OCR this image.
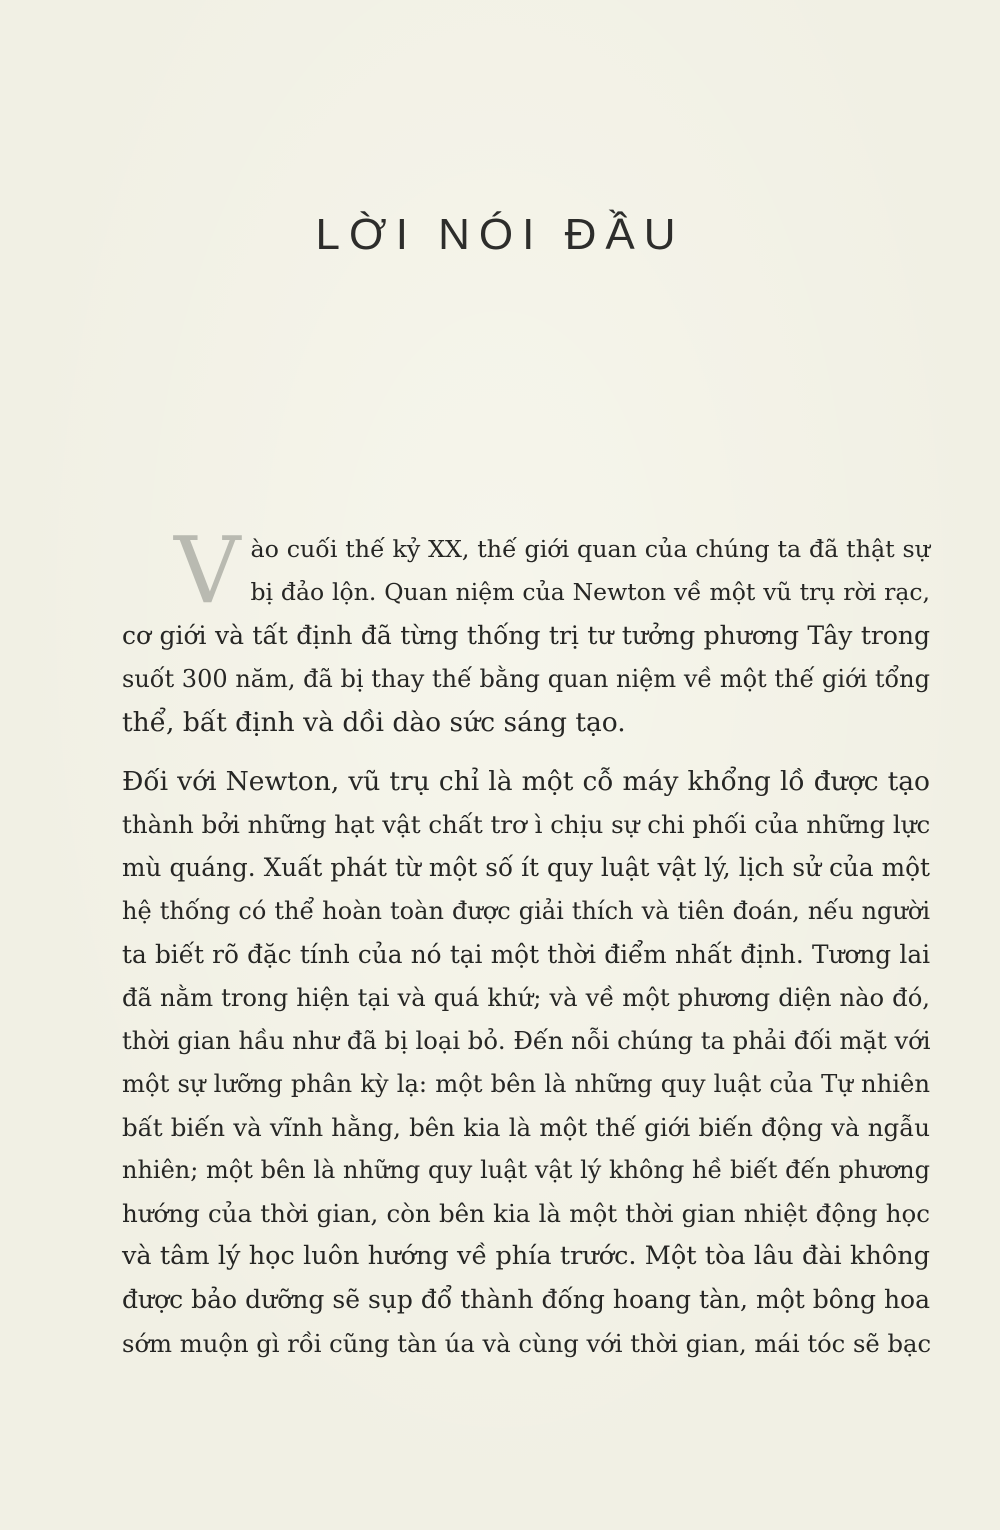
LỜI NÓI ĐẦU
V ào cuối thế kỷ XX, thế giới quan của chúng ta đã thật sự
bị đảo lộn. Quan niệm của Newton về một vũ trụ rời rạc,
cơ giới và tất định đã từng thống trị tư tưởng phương Tây trong
suốt 300 năm, đã bị thay thế bằng quan niệm về một thế giới tổng
thể, bất định và dồi dào sức sáng tạo.
Đối với Newton, vũ trụ chỉ là một cỗ máy khổng lồ được tạo
thành bởi những hạt vật chất trơ ì chịu sự chi phối của những lực
mù quáng. Xuất phát từ một số ít quy luật vật lý, lịch sử của một
hệ thống có thể hoàn toàn được giải thích và tiên đoán, nếu người
ta biết rõ đặc tính của nó tại một thời điểm nhất định. Tương lai
đã nằm trong hiện tại và quá khứ; và về một phương diện nào đó,
thời gian hầu như đã bị loại bỏ. Đến nỗi chúng ta phải đối mặt với
một sự lưỡng phân kỳ lạ: một bên là những quy luật của Tự nhiên
bất biến và vĩnh hằng, bên kia là một thế giới biến động và ngẫu
nhiên; một bên là những quy luật vật lý không hề biết đến phương
hướng của thời gian, còn bên kia là một thời gian nhiệt động học
và tâm lý học luôn hướng về phía trước. Một tòa lâu đài không
được bảo dưỡng sẽ sụp đổ thành đống hoang tàn, một bông hoa
sớm muộn gì rồi cũng tàn úa và cùng với thời gian, mái tóc sẽ bạc
